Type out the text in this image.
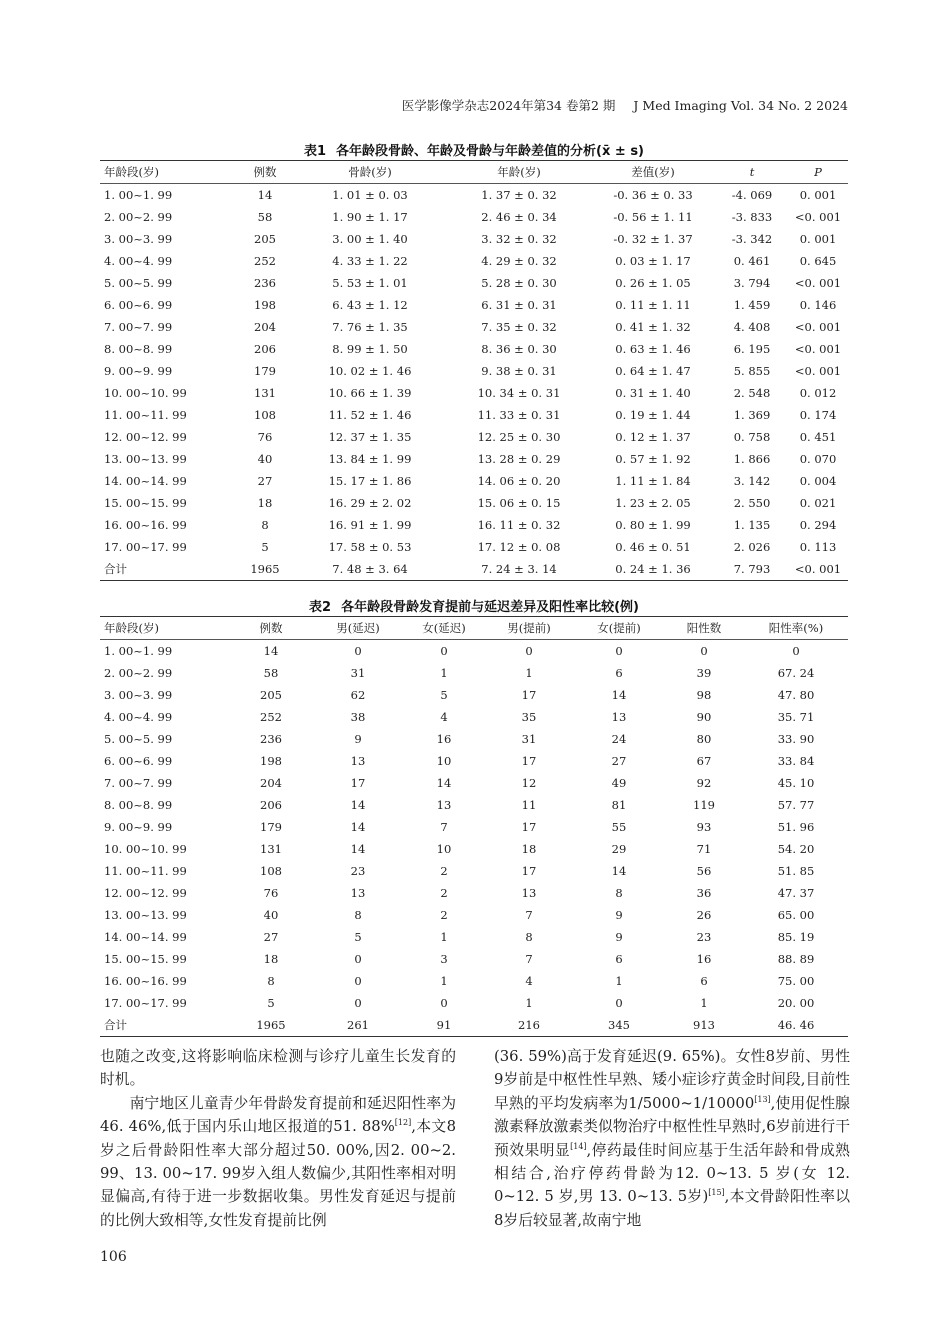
医学影像学杂志2024年第34 卷第2 期 J Med Imaging Vol. 34 No. 2 2024
表1 各年龄段骨龄、年龄及骨龄与年龄差值的分析(x̄ ± s)
年龄段(岁)	例数	骨龄(岁)	年龄(岁)	差值(岁)	t	P
1. 00~1. 99	14	1. 01 ± 0. 03	1. 37 ± 0. 32	-0. 36 ± 0. 33	-4. 069	0. 001
2. 00~2. 99	58	1. 90 ± 1. 17	2. 46 ± 0. 34	-0. 56 ± 1. 11	-3. 833	<0. 001
3. 00~3. 99	205	3. 00 ± 1. 40	3. 32 ± 0. 32	-0. 32 ± 1. 37	-3. 342	0. 001
4. 00~4. 99	252	4. 33 ± 1. 22	4. 29 ± 0. 32	0. 03 ± 1. 17	0. 461	0. 645
5. 00~5. 99	236	5. 53 ± 1. 01	5. 28 ± 0. 30	0. 26 ± 1. 05	3. 794	<0. 001
6. 00~6. 99	198	6. 43 ± 1. 12	6. 31 ± 0. 31	0. 11 ± 1. 11	1. 459	0. 146
7. 00~7. 99	204	7. 76 ± 1. 35	7. 35 ± 0. 32	0. 41 ± 1. 32	4. 408	<0. 001
8. 00~8. 99	206	8. 99 ± 1. 50	8. 36 ± 0. 30	0. 63 ± 1. 46	6. 195	<0. 001
9. 00~9. 99	179	10. 02 ± 1. 46	9. 38 ± 0. 31	0. 64 ± 1. 47	5. 855	<0. 001
10. 00~10. 99	131	10. 66 ± 1. 39	10. 34 ± 0. 31	0. 31 ± 1. 40	2. 548	0. 012
11. 00~11. 99	108	11. 52 ± 1. 46	11. 33 ± 0. 31	0. 19 ± 1. 44	1. 369	0. 174
12. 00~12. 99	76	12. 37 ± 1. 35	12. 25 ± 0. 30	0. 12 ± 1. 37	0. 758	0. 451
13. 00~13. 99	40	13. 84 ± 1. 99	13. 28 ± 0. 29	0. 57 ± 1. 92	1. 866	0. 070
14. 00~14. 99	27	15. 17 ± 1. 86	14. 06 ± 0. 20	1. 11 ± 1. 84	3. 142	0. 004
15. 00~15. 99	18	16. 29 ± 2. 02	15. 06 ± 0. 15	1. 23 ± 2. 05	2. 550	0. 021
16. 00~16. 99	8	16. 91 ± 1. 99	16. 11 ± 0. 32	0. 80 ± 1. 99	1. 135	0. 294
17. 00~17. 99	5	17. 58 ± 0. 53	17. 12 ± 0. 08	0. 46 ± 0. 51	2. 026	0. 113
合计	1965	7. 48 ± 3. 64	7. 24 ± 3. 14	0. 24 ± 1. 36	7. 793	<0. 001
表2 各年龄段骨龄发育提前与延迟差异及阳性率比较(例)
年龄段(岁)	例数	男(延迟)	女(延迟)	男(提前)	女(提前)	阳性数	阳性率(%)
1. 00~1. 99	14	0	0	0	0	0	0
2. 00~2. 99	58	31	1	1	6	39	67. 24
3. 00~3. 99	205	62	5	17	14	98	47. 80
4. 00~4. 99	252	38	4	35	13	90	35. 71
5. 00~5. 99	236	9	16	31	24	80	33. 90
6. 00~6. 99	198	13	10	17	27	67	33. 84
7. 00~7. 99	204	17	14	12	49	92	45. 10
8. 00~8. 99	206	14	13	11	81	119	57. 77
9. 00~9. 99	179	14	7	17	55	93	51. 96
10. 00~10. 99	131	14	10	18	29	71	54. 20
11. 00~11. 99	108	23	2	17	14	56	51. 85
12. 00~12. 99	76	13	2	13	8	36	47. 37
13. 00~13. 99	40	8	2	7	9	26	65. 00
14. 00~14. 99	27	5	1	8	9	23	85. 19
15. 00~15. 99	18	0	3	7	6	16	88. 89
16. 00~16. 99	8	0	1	4	1	6	75. 00
17. 00~17. 99	5	0	0	1	0	1	20. 00
合计	1965	261	91	216	345	913	46. 46

也随之改变,这将影响临床检测与诊疗儿童生长发育的时机。

南宁地区儿童青少年骨龄发育提前和延迟阳性率为46. 46%,低于国内乐山地区报道的51. 88%[12],本文8岁之后骨龄阳性率大部分超过50. 00%,因2. 00~2. 99、13. 00~17. 99岁入组人数偏少,其阳性率相对明显偏高,有待于进一步数据收集。男性发育延迟与提前的比例大致相等,女性发育提前比例

(36. 59%)高于发育延迟(9. 65%)。女性8岁前、男性9岁前是中枢性性早熟、矮小症诊疗黄金时间段,目前性早熟的平均发病率为1/5000~1/10000[13],使用促性腺激素释放激素类似物治疗中枢性性早熟时,6岁前进行干预效果明显[14],停药最佳时间应基于生活年龄和骨成熟相结合,治疗停药骨龄为12. 0~13. 5 岁(女 12. 0~12. 5 岁,男 13. 0~13. 5岁)[15],本文骨龄阳性率以8岁后较显著,故南宁地

106
